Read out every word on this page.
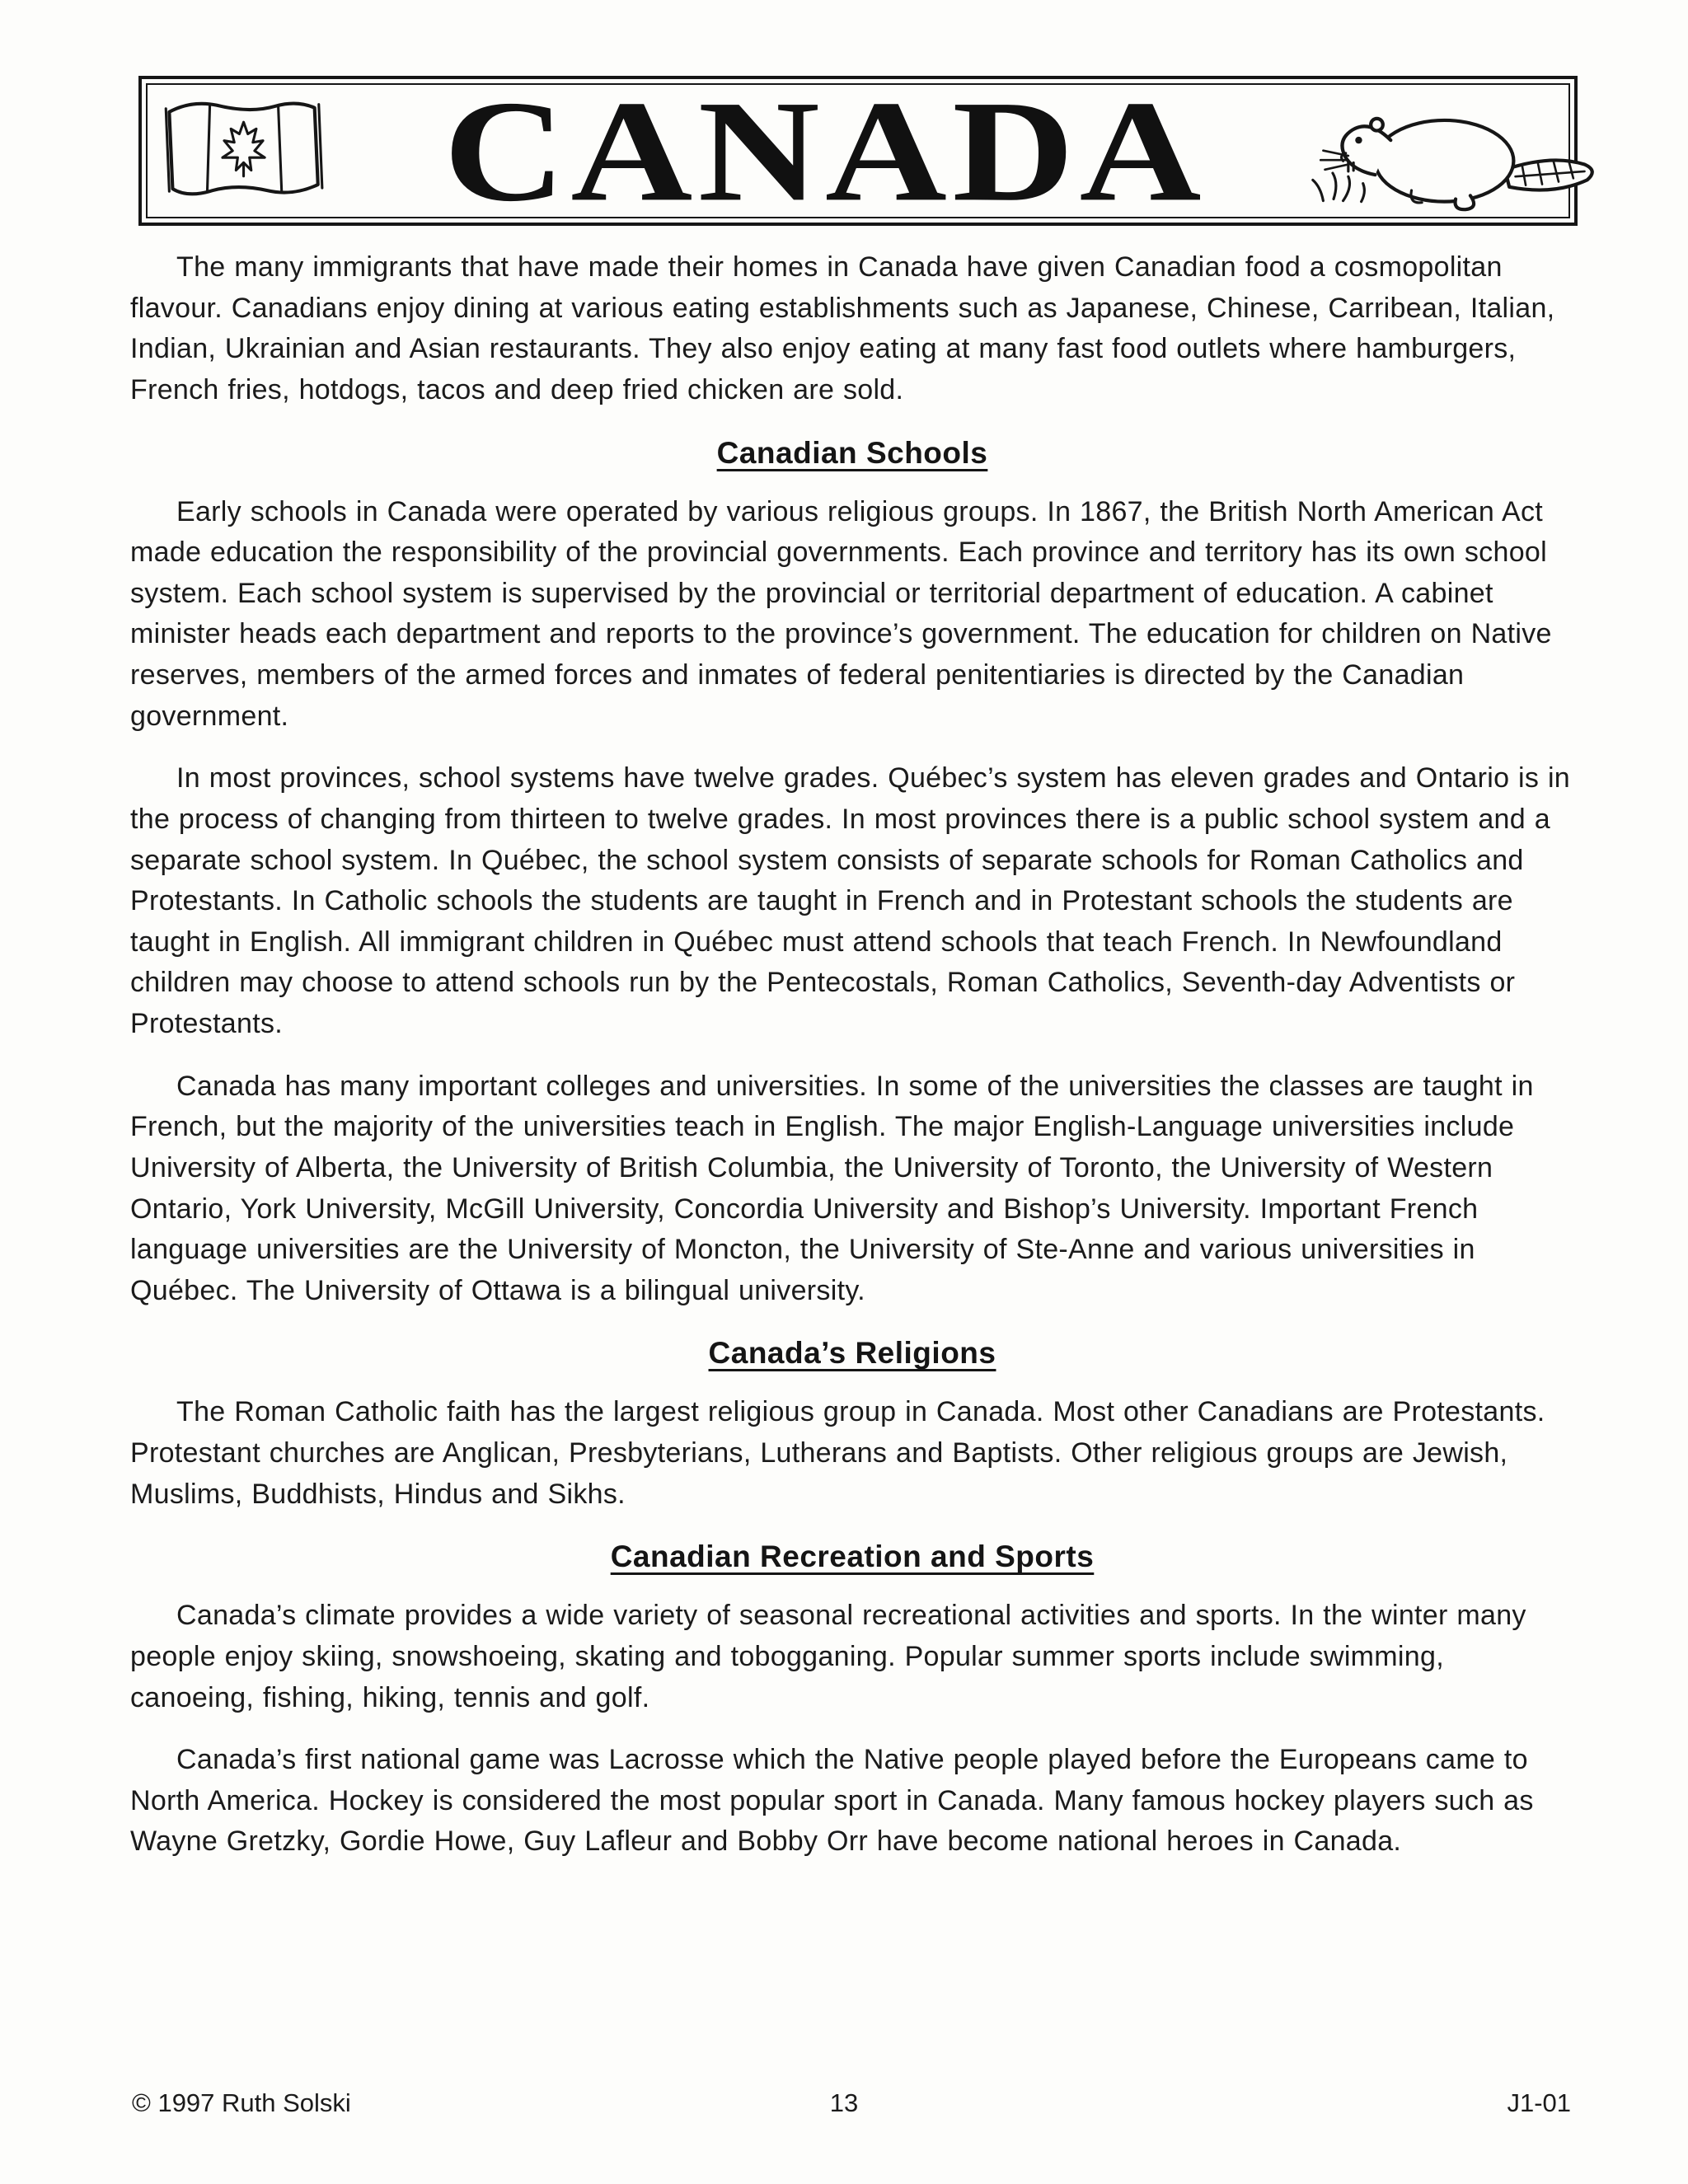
CANADA

The many immigrants that have made their homes in Canada have given Canadian food a cosmopolitan flavour. Canadians enjoy dining at various eating establishments such as Japanese, Chinese, Carribean, Italian, Indian, Ukrainian and Asian restaurants. They also enjoy eating at many fast food outlets where hamburgers, French fries, hotdogs, tacos and deep fried chicken are sold.

Canadian Schools

Early schools in Canada were operated by various religious groups. In 1867, the British North American Act made education the responsibility of the provincial governments. Each province and territory has its own school system. Each school system is supervised by the provincial or territorial department of education. A cabinet minister heads each department and reports to the province’s government. The education for children on Native reserves, members of the armed forces and inmates of federal penitentiaries is directed by the Canadian government.

In most provinces, school systems have twelve grades. Québec’s system has eleven grades and Ontario is in the process of changing from thirteen to twelve grades. In most provinces there is a public school system and a separate school system. In Québec, the school system consists of separate schools for Roman Catholics and Protestants. In Catholic schools the students are taught in French and in Protestant schools the students are taught in English. All immigrant children in Québec must attend schools that teach French. In Newfoundland children may choose to attend schools run by the Pentecostals, Roman Catholics, Seventh-day Adventists or Protestants.

Canada has many important colleges and universities. In some of the universities the classes are taught in French, but the majority of the universities teach in English. The major English-Language universities include University of Alberta, the University of British Columbia, the University of Toronto, the University of Western Ontario, York University, McGill University, Concordia University and Bishop’s University. Important French language universities are the University of Moncton, the University of Ste-Anne and various universities in Québec. The University of Ottawa is a bilingual university.

Canada’s Religions

The Roman Catholic faith has the largest religious group in Canada. Most other Canadians are Protestants. Protestant churches are Anglican, Presbyterians, Lutherans and Baptists. Other religious groups are Jewish, Muslims, Buddhists, Hindus and Sikhs.

Canadian Recreation and Sports

Canada’s climate provides a wide variety of seasonal recreational activities and sports. In the winter many people enjoy skiing, snowshoeing, skating and tobogganing. Popular summer sports include swimming, canoeing, fishing, hiking, tennis and golf.

Canada’s first national game was Lacrosse which the Native people played before the Europeans came to North America. Hockey is considered the most popular sport in Canada. Many famous hockey players such as Wayne Gretzky, Gordie Howe, Guy Lafleur and Bobby Orr have become national heroes in Canada.

© 1997 Ruth Solski	13	J1-01
